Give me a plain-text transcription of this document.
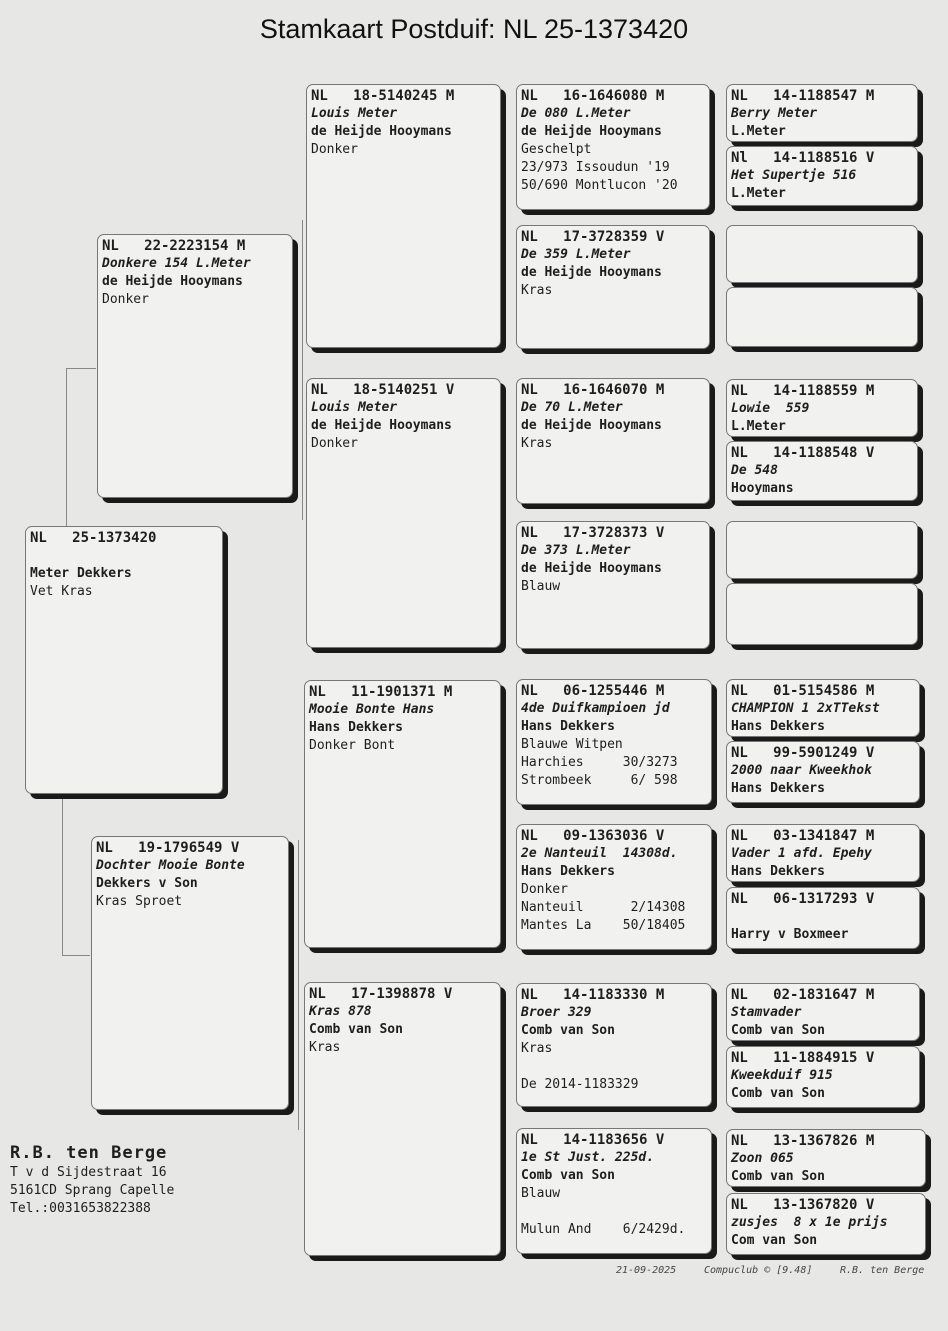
Stamkaart Postduif: NL 25-1373420
NL   25-1373420
Meter Dekkers
Vet Kras
NL   22-2223154 M
Donkere 154 L.Meter
de Heijde Hooymans
Donker
NL   19-1796549 V
Dochter Mooie Bonte
Dekkers v Son
Kras Sproet
NL   18-5140245 M
Louis Meter
de Heijde Hooymans
Donker
NL   18-5140251 V
Louis Meter
de Heijde Hooymans
Donker
NL   11-1901371 M
Mooie Bonte Hans
Hans Dekkers
Donker Bont
NL   17-1398878 V
Kras 878
Comb van Son
Kras
NL   16-1646080 M
De 080 L.Meter
de Heijde Hooymans
Geschelpt
23/973 Issoudun '19
50/690 Montlucon '20
NL   17-3728359 V
De 359 L.Meter
de Heijde Hooymans
Kras
NL   16-1646070 M
De 70 L.Meter
de Heijde Hooymans
Kras
NL   17-3728373 V
De 373 L.Meter
de Heijde Hooymans
Blauw
NL   06-1255446 M
4de Duifkampioen jd
Hans Dekkers
Blauwe Witpen
Harchies     30/3273
Strombeek     6/ 598
NL   09-1363036 V
2e Nanteuil  14308d.
Hans Dekkers
Donker
Nanteuil      2/14308
Mantes La    50/18405
NL   14-1183330 M
Broer 329
Comb van Son
Kras
De 2014-1183329
NL   14-1183656 V
1e St Just. 225d.
Comb van Son
Blauw
Mulun And    6/2429d.
NL   14-1188547 M
Berry Meter
L.Meter
Nl   14-1188516 V
Het Supertje 516
L.Meter
NL   14-1188559 M
Lowie  559
L.Meter
NL   14-1188548 V
De 548
Hooymans
NL   01-5154586 M
CHAMPION 1 2xTTekst
Hans Dekkers
NL   99-5901249 V
2000 naar Kweekhok
Hans Dekkers
NL   03-1341847 M
Vader 1 afd. Epehy
Hans Dekkers
NL   06-1317293 V
Harry v Boxmeer
NL   02-1831647 M
Stamvader
Comb van Son
NL   11-1884915 V
Kweekduif 915
Comb van Son
NL   13-1367826 M
Zoon 065
Comb van Son
NL   13-1367820 V
zusjes  8 x 1e prijs
Com van Son
R.B. ten Berge
T v d Sijdestraat 16
5161CD Sprang Capelle
Tel.:0031653822388
21-09-2025	Compuclub © [9.48]	R.B. ten Berge
